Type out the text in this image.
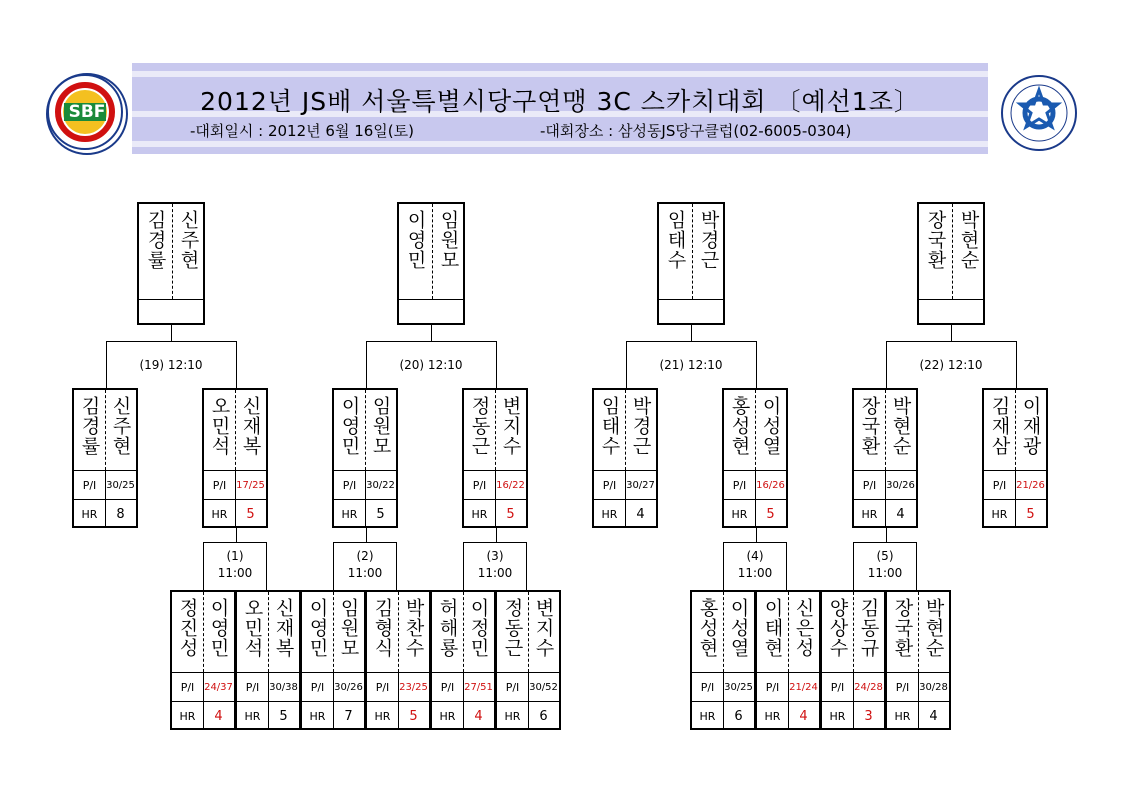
SBF	2012년 JS배 서울특별시당구연맹 3C 스카치대회 〔예선1조〕
-대회일시 : 2012년 6월 16일(토)	-대회장소 : 삼성동JS당구클럽(02-6005-0304)
김경률 신주현	이영민 임원모	임태수 박경근	장국환 박현순
(19) 12:10	(20) 12:10	(21) 12:10	(22) 12:10
김경률 신주현
P/I 30/25
HR	8
오민석 신재복
P/I 17/25
HR	5
이영민 임원모
P/I 30/22
HR	5
정동근 변지수
P/I 16/22
HR	5
임태수 박경근
P/I 30/27
HR	4
홍성현 이성열
P/I 16/26
HR	5
장국환 박현순
P/I 30/26
HR	4
김재삼 이재광
P/I 21/26
HR	5
(1)
11:00
(2)
11:00
(3)
11:00
(4)
11:00
(5)
11:00
정진성 이영민
P/I 24/37
HR	4
오민석 신재복
P/I 30/38
HR	5
이영민 임원모
P/I 30/26
HR	7
김형식 박찬수
P/I 23/25
HR	5
허해룡 이정민
P/I 27/51
HR	4
정동근 변지수
P/I 30/52
HR	6
홍성현 이성열
P/I 30/25
HR	6
이태현 신은성
P/I 21/24
HR	4
양상수 김동규
P/I 24/28
HR	3
장국환 박현순
P/I 30/28
HR	4
